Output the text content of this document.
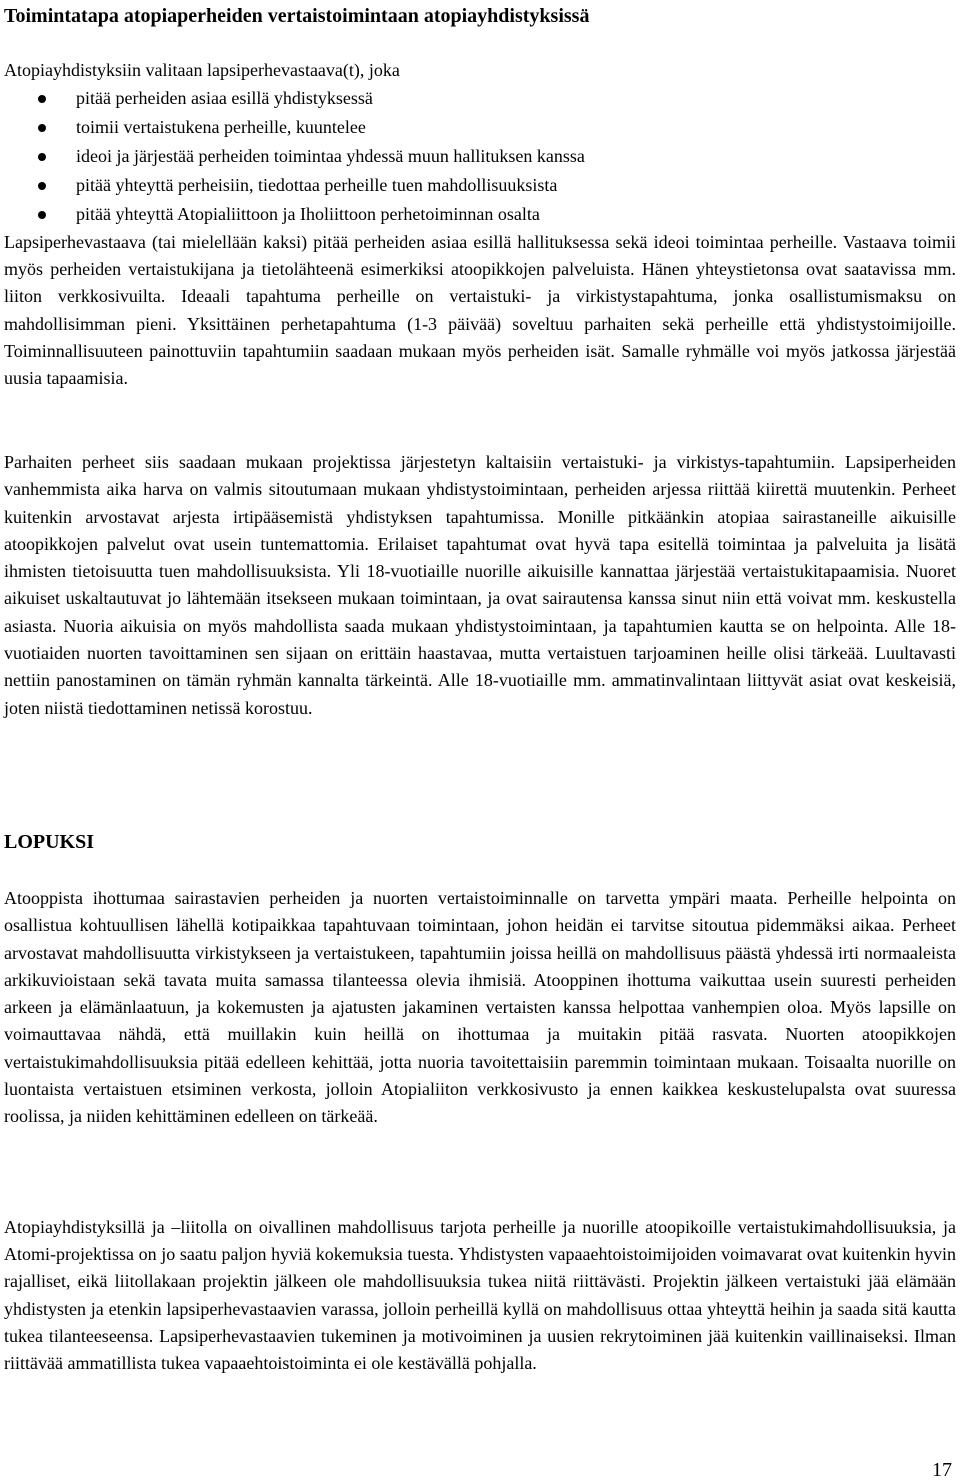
Toimintatapa atopiaperheiden vertaistoimintaan atopiayhdistyksissä

Atopiayhdistyksiin valitaan lapsiperhevastaava(t), joka

pitää perheiden asiaa esillä yhdistyksessä
toimii vertaistukena perheille, kuuntelee
ideoi ja järjestää perheiden toimintaa yhdessä muun hallituksen kanssa
pitää yhteyttä perheisiin, tiedottaa perheille tuen mahdollisuuksista
pitää yhteyttä Atopialiittoon ja Iholiittoon perhetoiminnan osalta

Lapsiperhevastaava (tai mielellään kaksi) pitää perheiden asiaa esillä hallituksessa sekä ideoi toimintaa perheille. Vastaava toimii myös perheiden vertaistukijana ja tietolähteenä esimerkiksi atoopikkojen palveluista. Hänen yhteystietonsa ovat saatavissa mm. liiton verkkosivuilta. Ideaali tapahtuma perheille on vertaistuki- ja virkistystapahtuma, jonka osallistumismaksu on mahdollisimman pieni. Yksittäinen perhetapahtuma (1-3 päivää) soveltuu parhaiten sekä perheille että yhdistystoimijoille. Toiminnallisuuteen painottuviin tapahtumiin saadaan mukaan myös perheiden isät. Samalle ryhmälle voi myös jatkossa järjestää uusia tapaamisia.

Parhaiten perheet siis saadaan mukaan projektissa järjestetyn kaltaisiin vertaistuki- ja virkistys-tapahtumiin. Lapsiperheiden vanhemmista aika harva on valmis sitoutumaan mukaan yhdistystoimintaan, perheiden arjessa riittää kiirettä muutenkin. Perheet kuitenkin arvostavat arjesta irtipääsemistä yhdistyksen tapahtumissa. Monille pitkäänkin atopiaa sairastaneille aikuisille atoopikkojen palvelut ovat usein tuntemattomia. Erilaiset tapahtumat ovat hyvä tapa esitellä toimintaa ja palveluita ja lisätä ihmisten tietoisuutta tuen mahdollisuuksista. Yli 18-vuotiaille nuorille aikuisille kannattaa järjestää vertaistukitapaamisia. Nuoret aikuiset uskaltautuvat jo lähtemään itsekseen mukaan toimintaan, ja ovat sairautensa kanssa sinut niin että voivat mm. keskustella asiasta. Nuoria aikuisia on myös mahdollista saada mukaan yhdistystoimintaan, ja tapahtumien kautta se on helpointa. Alle 18-vuotiaiden nuorten tavoittaminen sen sijaan on erittäin haastavaa, mutta vertaistuen tarjoaminen heille olisi tärkeää. Luultavasti nettiin panostaminen on tämän ryhmän kannalta tärkeintä. Alle 18-vuotiaille mm. ammatinvalintaan liittyvät asiat ovat keskeisiä, joten niistä tiedottaminen netissä korostuu.

LOPUKSI

Atooppista ihottumaa sairastavien perheiden ja nuorten vertaistoiminnalle on tarvetta ympäri maata. Perheille helpointa on osallistua kohtuullisen lähellä kotipaikkaa tapahtuvaan toimintaan, johon heidän ei tarvitse sitoutua pidemmäksi aikaa. Perheet arvostavat mahdollisuutta virkistykseen ja vertaistukeen, tapahtumiin joissa heillä on mahdollisuus päästä yhdessä irti normaaleista arkikuvioistaan sekä tavata muita samassa tilanteessa olevia ihmisiä. Atooppinen ihottuma vaikuttaa usein suuresti perheiden arkeen ja elämänlaatuun, ja kokemusten ja ajatusten jakaminen vertaisten kanssa helpottaa vanhempien oloa. Myös lapsille on voimauttavaa nähdä, että muillakin kuin heillä on ihottumaa ja muitakin pitää rasvata. Nuorten atoopikkojen vertaistukimahdollisuuksia pitää edelleen kehittää, jotta nuoria tavoitettaisiin paremmin toimintaan mukaan. Toisaalta nuorille on luontaista vertaistuen etsiminen verkosta, jolloin Atopialiiton verkkosivusto ja ennen kaikkea keskustelupalsta ovat suuressa roolissa, ja niiden kehittäminen edelleen on tärkeää.

Atopiayhdistyksillä ja –liitolla on oivallinen mahdollisuus tarjota perheille ja nuorille atoopikoille vertaistukimahdollisuuksia, ja Atomi-projektissa on jo saatu paljon hyviä kokemuksia tuesta. Yhdistysten vapaaehtoistoimijoiden voimavarat ovat kuitenkin hyvin rajalliset, eikä liitollakaan projektin jälkeen ole mahdollisuuksia tukea niitä riittävästi. Projektin jälkeen vertaistuki jää elämään yhdistysten ja etenkin lapsiperhevastaavien varassa, jolloin perheillä kyllä on mahdollisuus ottaa yhteyttä heihin ja saada sitä kautta tukea tilanteeseensa. Lapsiperhevastaavien tukeminen ja motivoiminen ja uusien rekrytoiminen jää kuitenkin vaillinaiseksi. Ilman riittävää ammatillista tukea vapaaehtoistoiminta ei ole kestävällä pohjalla.

17
